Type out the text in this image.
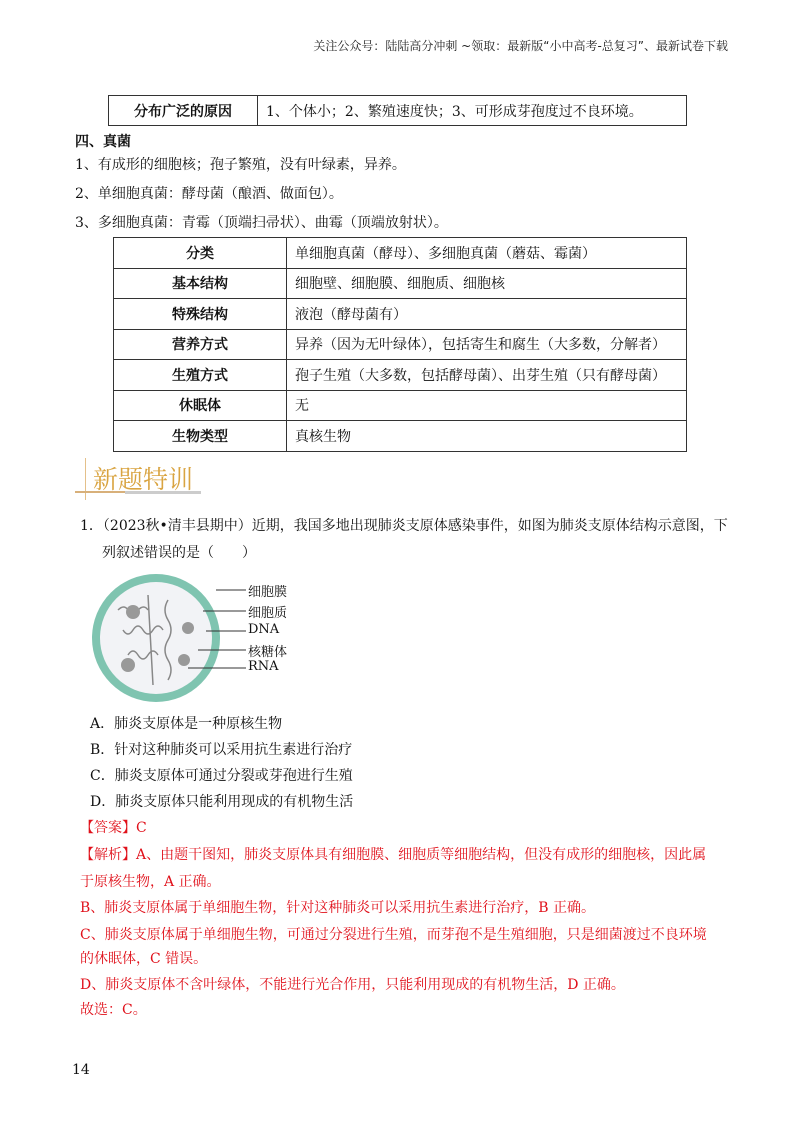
关注公众号：陆陆高分冲刺 ~领取：最新版“小中高考-总复习”、最新试卷下载
分布广泛的原因	1、个体小；2、繁殖速度快；3、可形成芽孢度过不良环境。
四、真菌
1、有成形的细胞核；孢子繁殖，没有叶绿素，异养。
2、单细胞真菌：酵母菌（酿酒、做面包）。
3、多细胞真菌：青霉（顶端扫帚状）、曲霉（顶端放射状）。
分类	单细胞真菌（酵母）、多细胞真菌（蘑菇、霉菌）
基本结构	细胞壁、细胞膜、细胞质、细胞核
特殊结构	液泡（酵母菌有）
营养方式	异养（因为无叶绿体），包括寄生和腐生（大多数，分解者）
生殖方式	孢子生殖（大多数，包括酵母菌）、出芽生殖（只有酵母菌）
休眠体	无
生物类型	真核生物
新题特训
1．（2023秋•清丰县期中）近期，我国多地出现肺炎支原体感染事件，如图为肺炎支原体结构示意图，下
列叙述错误的是（　　）
细胞膜
细胞质
DNA
核糖体
RNA
A．肺炎支原体是一种原核生物
B．针对这种肺炎可以采用抗生素进行治疗
C．肺炎支原体可通过分裂或芽孢进行生殖
D．肺炎支原体只能利用现成的有机物生活
【答案】C
【解析】A、由题干图知，肺炎支原体具有细胞膜、细胞质等细胞结构，但没有成形的细胞核，因此属
于原核生物，A 正确。
B、肺炎支原体属于单细胞生物，针对这种肺炎可以采用抗生素进行治疗，B 正确。
C、肺炎支原体属于单细胞生物，可通过分裂进行生殖，而芽孢不是生殖细胞，只是细菌渡过不良环境
的休眠体，C 错误。
D、肺炎支原体不含叶绿体，不能进行光合作用，只能利用现成的有机物生活，D 正确。
故选：C。
14
